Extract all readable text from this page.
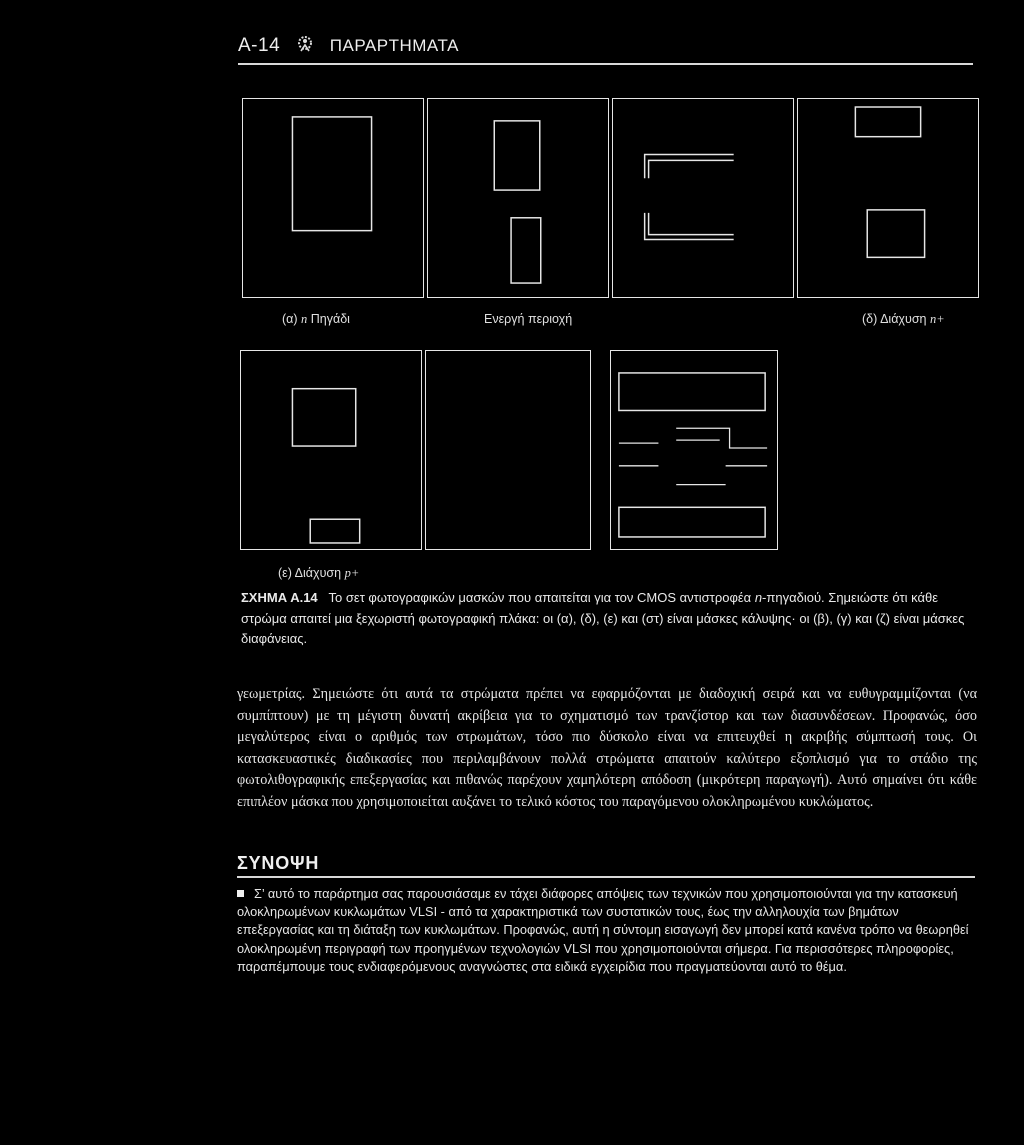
A-14	ΠΑΡΑΡΤΗΜΑΤΑ
(α) n Πηγάδι	Ενεργή περιοχή	(δ) Διάχυση n+
(ε) Διάχυση p+
ΣΧΗΜΑ Α.14 Το σετ φωτογραφικών μασκών που απαιτείται για τον CMOS αντιστροφέα n-πηγαδιού. Σημειώστε ότι κάθε στρώμα απαιτεί μια ξεχωριστή φωτογραφική πλάκα: οι (α), (δ), (ε) και (στ) είναι μάσκες κάλυψης· οι (β), (γ) και (ζ) είναι μάσκες διαφάνειας.
γεωμετρίας. Σημειώστε ότι αυτά τα στρώματα πρέπει να εφαρμόζονται με διαδοχική σειρά και να ευθυγραμμίζονται (να συμπίπτουν) με τη μέγιστη δυνατή ακρίβεια για το σχηματισμό των τρανζίστορ και των διασυνδέσεων. Προφανώς, όσο μεγαλύτερος είναι ο αριθμός των στρωμάτων, τόσο πιο δύσκολο είναι να επιτευχθεί η ακριβής σύμπτωσή τους. Οι κατασκευαστικές διαδικασίες που περιλαμβάνουν πολλά στρώματα απαιτούν καλύτερο εξοπλισμό για το στάδιο της φωτολιθογραφικής επεξεργασίας και πιθανώς παρέχουν χαμηλότερη απόδοση (μικρότερη παραγωγή). Αυτό σημαίνει ότι κάθε επιπλέον μάσκα που χρησιμοποιείται αυξάνει το τελικό κόστος του παραγόμενου ολοκληρωμένου κυκλώματος.
ΣΥΝΟΨΗ
Σ’ αυτό το παράρτημα σας παρουσιάσαμε εν τάχει διάφορες απόψεις των τεχνικών που χρησιμοποιούνται για την κατασκευή ολοκληρωμένων κυκλωμάτων VLSI - από τα χαρακτηριστικά των συστατικών τους, έως την αλληλουχία των βημάτων επεξεργασίας και τη διάταξη των κυκλωμάτων. Προφανώς, αυτή η σύντομη εισαγωγή δεν μπορεί κατά κανένα τρόπο να θεωρηθεί ολοκληρωμένη περιγραφή των προηγμένων τεχνολογιών VLSI που χρησιμοποιούνται σήμερα. Για περισσότερες πληροφορίες, παραπέμπουμε τους ενδιαφερόμενους αναγνώστες στα ειδικά εγχειρίδια που πραγματεύονται αυτό το θέμα.
